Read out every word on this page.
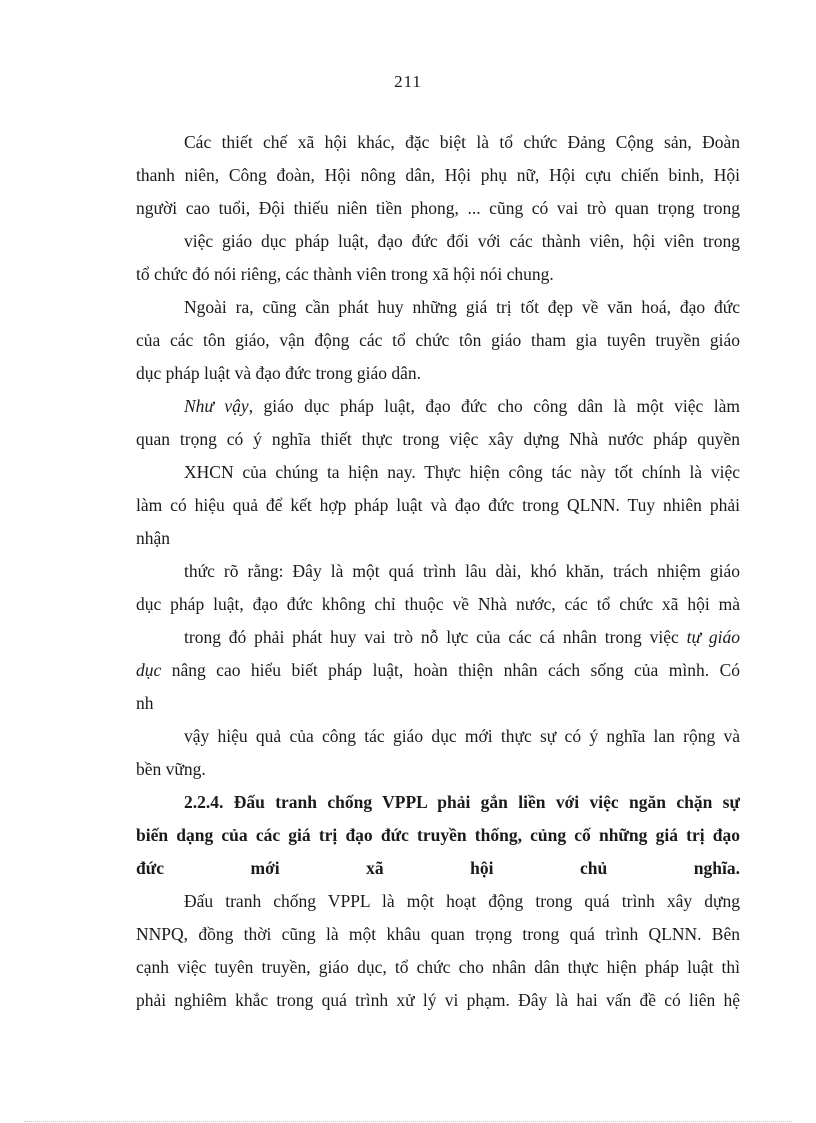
211
Các thiết chế xã hội khác, đặc biệt là tổ chức Đảng Cộng sản, Đoàn
thanh niên, Công đoàn, Hội nông dân, Hội phụ nữ, Hội cựu chiến binh, Hội
người cao tuổi, Đội thiếu niên tiền phong, ... cũng có vai trò quan trọng trong
việc giáo dục pháp luật, đạo đức đối với các thành viên, hội viên trong
tổ chức đó nói riêng, các thành viên trong xã hội nói chung.
Ngoài ra, cũng cần phát huy những giá trị tốt đẹp về văn hoá, đạo đức
của các tôn giáo, vận động các tổ chức tôn giáo tham gia tuyên truyền giáo
dục pháp luật và đạo đức trong giáo dân.
Như vậy, giáo dục pháp luật, đạo đức cho công dân là một việc làm
quan trọng có ý nghĩa thiết thực trong việc xây dựng Nhà nước pháp quyền
XHCN của chúng ta hiện nay. Thực hiện công tác này tốt chính là việc
làm có hiệu quả để kết hợp pháp luật và đạo đức trong QLNN. Tuy nhiên phải
nhận
thức rõ rằng: Đây là một quá trình lâu dài, khó khăn, trách nhiệm giáo
dục pháp luật, đạo đức không chỉ thuộc về Nhà nước, các tổ chức xã hội mà
trong đó phải phát huy vai trò nỗ lực của các cá nhân trong việc tự giáo
dục nâng cao hiểu biết pháp luật, hoàn thiện nhân cách sống của mình. Có
nh
vậy hiệu quả của công tác giáo dục mới thực sự có ý nghĩa lan rộng và
bền vững.
2.2.4. Đấu tranh chống VPPL phải gắn liền với việc ngăn chặn sự
biến dạng của các giá trị đạo đức truyền thống, củng cố những giá trị đạo
đức mới xã hội chủ nghĩa.
Đấu tranh chống VPPL là một hoạt động trong quá trình xây dựng
NNPQ, đồng thời cũng là một khâu quan trọng trong quá trình QLNN. Bên
cạnh việc tuyên truyền, giáo dục, tổ chức cho nhân dân thực hiện pháp luật thì
phải nghiêm khắc trong quá trình xử lý vi phạm. Đây là hai vấn đề có liên hệ
